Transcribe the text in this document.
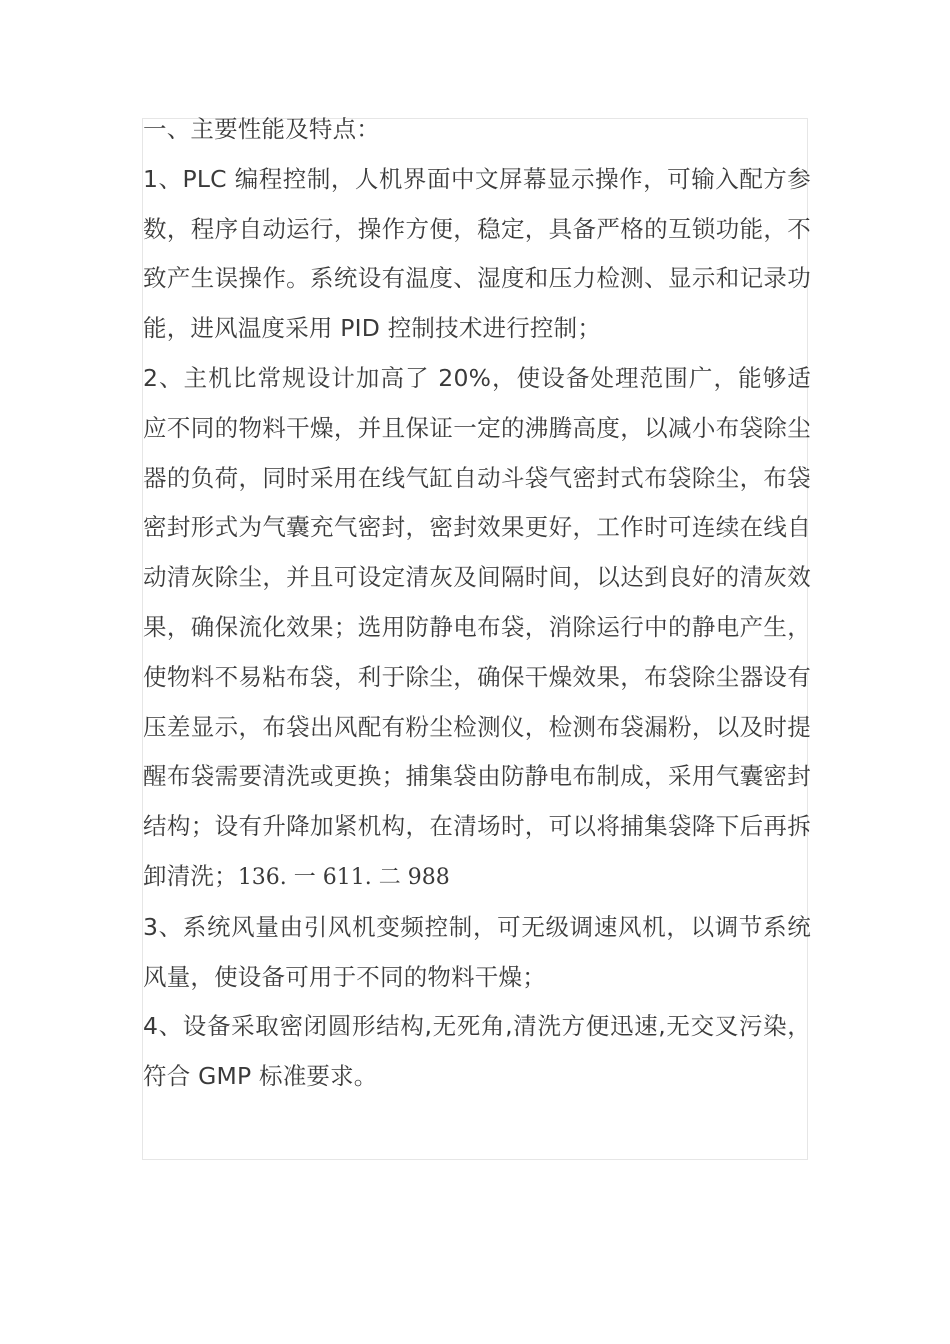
一、主要性能及特点：

1、PLC 编程控制，人机界面中文屏幕显示操作，可输入配方参数，程序自动运行，操作方便，稳定，具备严格的互锁功能，不致产生误操作。系统设有温度、湿度和压力检测、显示和记录功能，进风温度采用 PID 控制技术进行控制；

2、主机比常规设计加高了 20%，使设备处理范围广，能够适应不同的物料干燥，并且保证一定的沸腾高度，以减小布袋除尘器的负荷，同时采用在线气缸自动斗袋气密封式布袋除尘，布袋密封形式为气囊充气密封，密封效果更好，工作时可连续在线自动清灰除尘，并且可设定清灰及间隔时间，以达到良好的清灰效果，确保流化效果；选用防静电布袋，消除运行中的静电产生，使物料不易粘布袋，利于除尘，确保干燥效果，布袋除尘器设有压差显示，布袋出风配有粉尘检测仪，检测布袋漏粉，以及时提醒布袋需要清洗或更换；捕集袋由防静电布制成，采用气囊密封结构；设有升降加紧机构，在清场时，可以将捕集袋降下后再拆卸清洗；136. 一 611. 二 988

3、系统风量由引风机变频控制，可无级调速风机，以调节系统风量，使设备可用于不同的物料干燥；

4、设备采取密闭圆形结构,无死角,清洗方便迅速,无交叉污染，符合 GMP 标准要求。
